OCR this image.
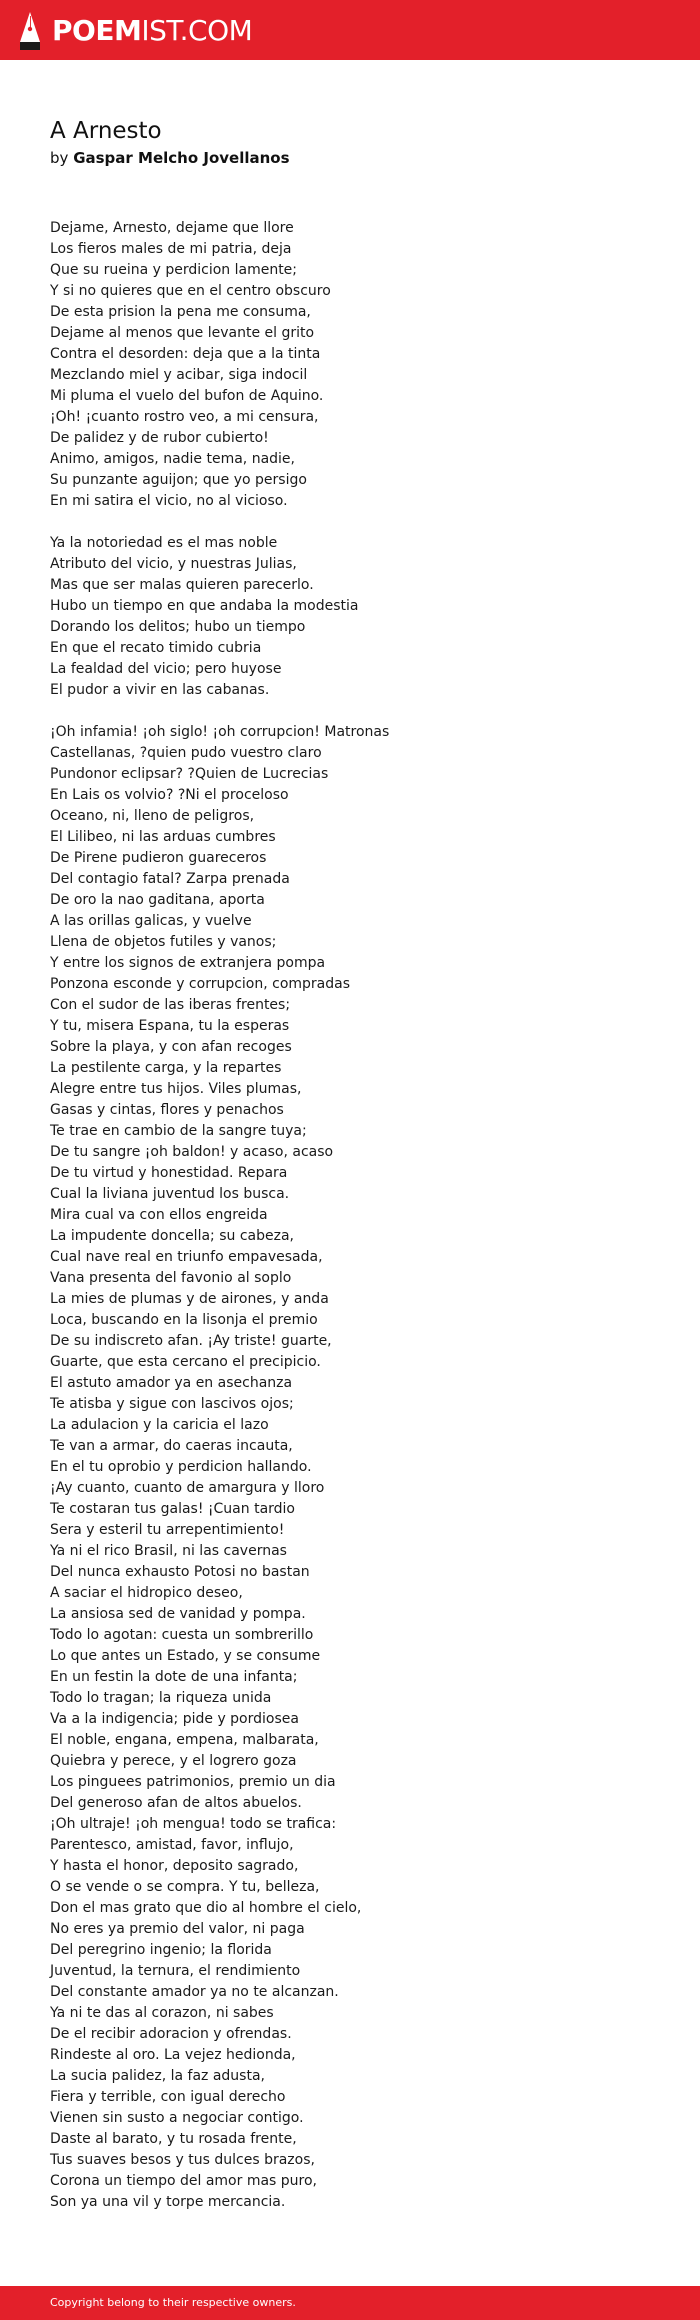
POEMIST.COM
A Arnesto
by Gaspar Melcho Jovellanos
Dejame, Arnesto, dejame que llore
Los fieros males de mi patria, deja
Que su rueina y perdicion lamente;
Y si no quieres que en el centro obscuro
De esta prision la pena me consuma,
Dejame al menos que levante el grito
Contra el desorden: deja que a la tinta
Mezclando miel y acibar, siga indocil
Mi pluma el vuelo del bufon de Aquino.
¡Oh! ¡cuanto rostro veo, a mi censura,
De palidez y de rubor cubierto!
Animo, amigos, nadie tema, nadie,
Su punzante aguijon; que yo persigo
En mi satira el vicio, no al vicioso.
Ya la notoriedad es el mas noble
Atributo del vicio, y nuestras Julias,
Mas que ser malas quieren parecerlo.
Hubo un tiempo en que andaba la modestia
Dorando los delitos; hubo un tiempo
En que el recato timido cubria
La fealdad del vicio; pero huyose
El pudor a vivir en las cabanas.
¡Oh infamia! ¡oh siglo! ¡oh corrupcion! Matronas
Castellanas, ?quien pudo vuestro claro
Pundonor eclipsar? ?Quien de Lucrecias
En Lais os volvio? ?Ni el proceloso
Oceano, ni, lleno de peligros,
El Lilibeo, ni las arduas cumbres
De Pirene pudieron guareceros
Del contagio fatal? Zarpa prenada
De oro la nao gaditana, aporta
A las orillas galicas, y vuelve
Llena de objetos futiles y vanos;
Y entre los signos de extranjera pompa
Ponzona esconde y corrupcion, compradas
Con el sudor de las iberas frentes;
Y tu, misera Espana, tu la esperas
Sobre la playa, y con afan recoges
La pestilente carga, y la repartes
Alegre entre tus hijos. Viles plumas,
Gasas y cintas, flores y penachos
Te trae en cambio de la sangre tuya;
De tu sangre ¡oh baldon! y acaso, acaso
De tu virtud y honestidad. Repara
Cual la liviana juventud los busca.
Mira cual va con ellos engreida
La impudente doncella; su cabeza,
Cual nave real en triunfo empavesada,
Vana presenta del favonio al soplo
La mies de plumas y de airones, y anda
Loca, buscando en la lisonja el premio
De su indiscreto afan. ¡Ay triste! guarte,
Guarte, que esta cercano el precipicio.
El astuto amador ya en asechanza
Te atisba y sigue con lascivos ojos;
La adulacion y la caricia el lazo
Te van a armar, do caeras incauta,
En el tu oprobio y perdicion hallando.
¡Ay cuanto, cuanto de amargura y lloro
Te costaran tus galas! ¡Cuan tardio
Sera y esteril tu arrepentimiento!
Ya ni el rico Brasil, ni las cavernas
Del nunca exhausto Potosi no bastan
A saciar el hidropico deseo,
La ansiosa sed de vanidad y pompa.
Todo lo agotan: cuesta un sombrerillo
Lo que antes un Estado, y se consume
En un festin la dote de una infanta;
Todo lo tragan; la riqueza unida
Va a la indigencia; pide y pordiosea
El noble, engana, empena, malbarata,
Quiebra y perece, y el logrero goza
Los pinguees patrimonios, premio un dia
Del generoso afan de altos abuelos.
¡Oh ultraje! ¡oh mengua! todo se trafica:
Parentesco, amistad, favor, influjo,
Y hasta el honor, deposito sagrado,
O se vende o se compra. Y tu, belleza,
Don el mas grato que dio al hombre el cielo,
No eres ya premio del valor, ni paga
Del peregrino ingenio; la florida
Juventud, la ternura, el rendimiento
Del constante amador ya no te alcanzan.
Ya ni te das al corazon, ni sabes
De el recibir adoracion y ofrendas.
Rindeste al oro. La vejez hedionda,
La sucia palidez, la faz adusta,
Fiera y terrible, con igual derecho
Vienen sin susto a negociar contigo.
Daste al barato, y tu rosada frente,
Tus suaves besos y tus dulces brazos,
Corona un tiempo del amor mas puro,
Son ya una vil y torpe mercancia.
Copyright belong to their respective owners.
